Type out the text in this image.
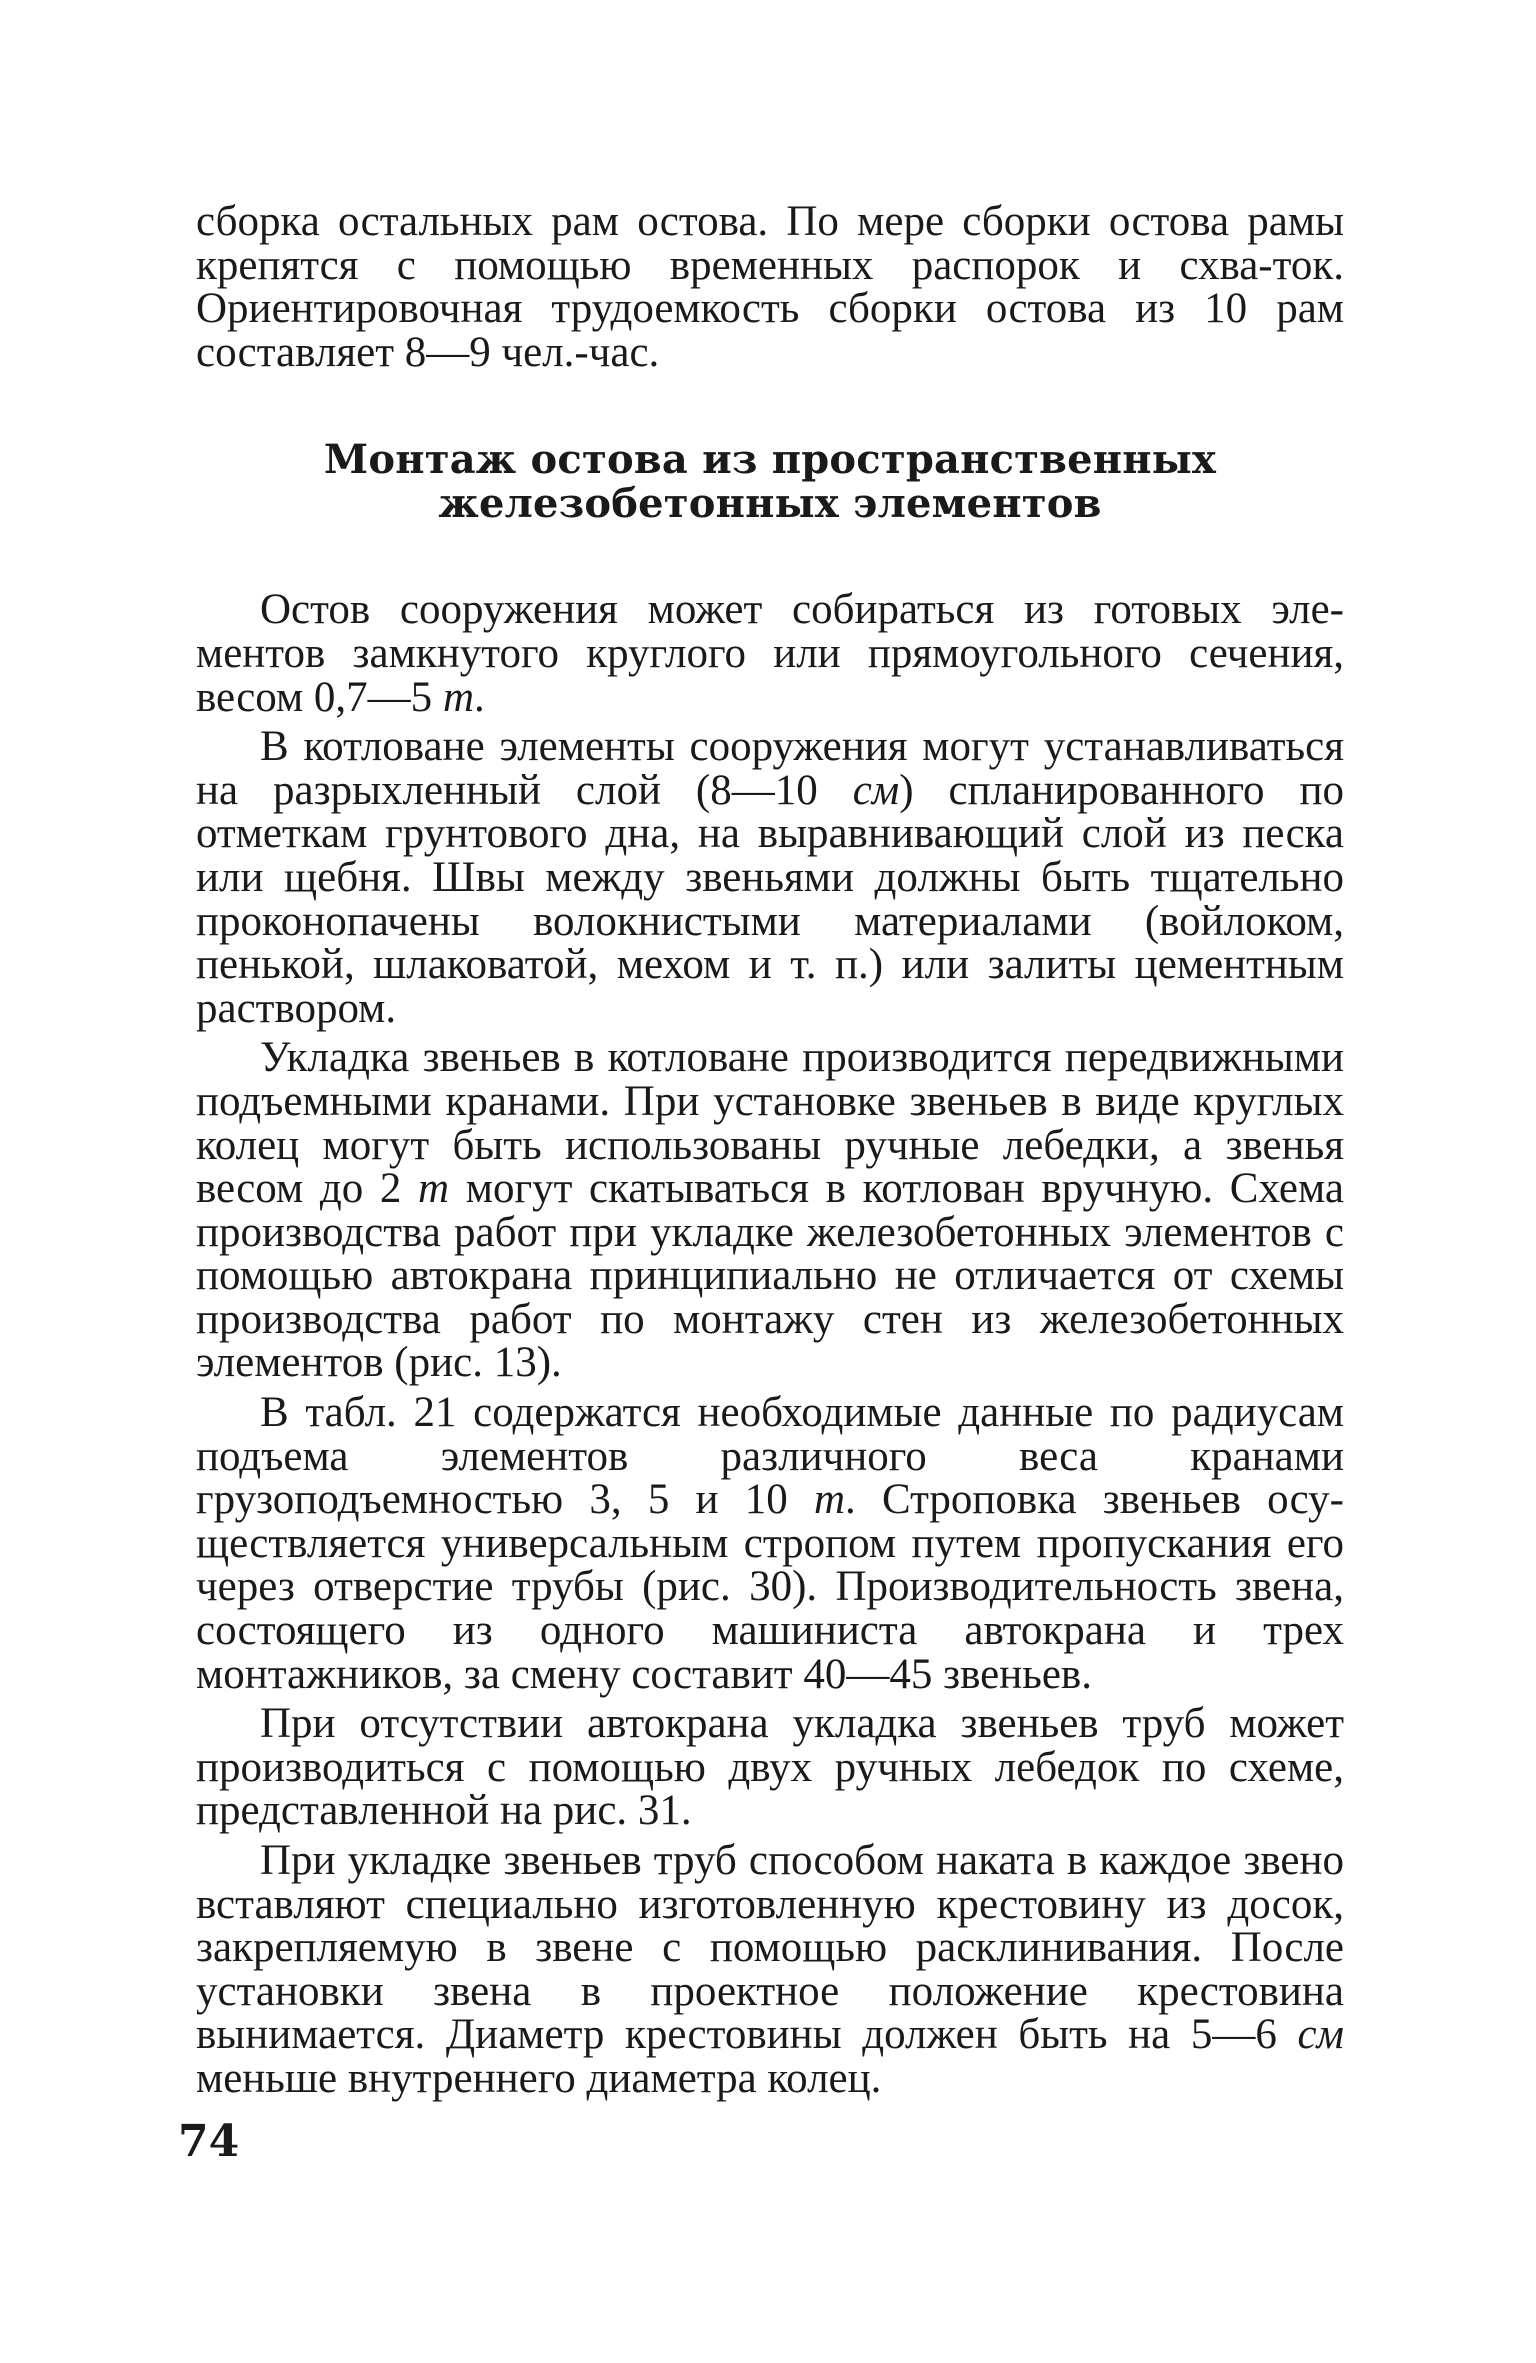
сборка остальных рам остова. По мере сборки остова рамы крепятся с помощью временных распорок и схва-ток. Ориентировочная трудоемкость сборки остова из 10 рам составляет 8—9 чел.-час.

Монтаж остова из пространственных
железобетонных элементов

Остов сооружения может собираться из готовых элементов замкнутого круглого или прямоугольного сечения, весом 0,7—5 т.

В котловане элементы сооружения могут устанавливаться на разрыхленный слой (8—10 см) спланированного по отметкам грунтового дна, на выравнивающий слой из песка или щебня. Швы между звеньями должны быть тщательно проконопачены волокнистыми материалами (войлоком, пенькой, шлаковатой, мехом и т. п.) или залиты цементным раствором.

Укладка звеньев в котловане производится передвижными подъемными кранами. При установке звеньев в виде круглых колец могут быть использованы ручные лебедки, а звенья весом до 2 т могут скатываться в котлован вручную. Схема производства работ при укладке железобетонных элементов с помощью автокрана принципиально не отличается от схемы производства работ по монтажу стен из железобетонных элементов (рис. 13).

В табл. 21 содержатся необходимые данные по радиусам подъема элементов различного веса кранами грузоподъемностью 3, 5 и 10 т. Строповка звеньев осуществляется универсальным стропом путем пропускания его через отверстие трубы (рис. 30). Производительность звена, состоящего из одного машиниста автокрана и трех монтажников, за смену составит 40—45 звеньев.

При отсутствии автокрана укладка звеньев труб может производиться с помощью двух ручных лебедок по схеме, представленной на рис. 31.

При укладке звеньев труб способом наката в каждое звено вставляют специально изготовленную крестовину из досок, закрепляемую в звене с помощью расклинивания. После установки звена в проектное положение крестовина вынимается. Диаметр крестовины должен быть на 5—6 см меньше внутреннего диаметра колец.

74
